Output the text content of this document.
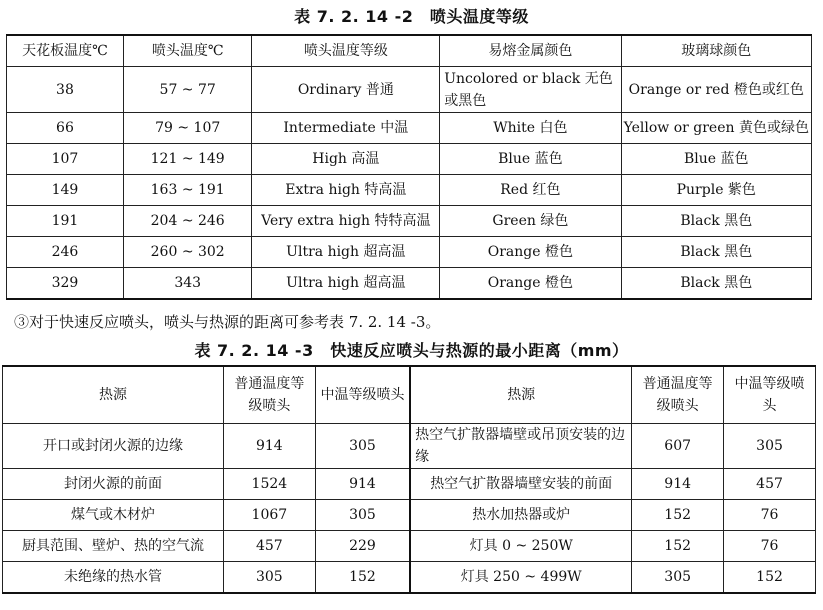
表 7. 2. 14 -2　喷头温度等级
天花板温度℃	喷头温度℃	喷头温度等级	易熔金属颜色	玻璃球颜色
38	57 ~ 77	Ordinary 普通	Uncolored or black 无色或黑色	Orange or red 橙色或红色
66	79 ~ 107	Intermediate 中温	White 白色	Yellow or green 黄色或绿色
107	121 ~ 149	High 高温	Blue 蓝色	Blue 蓝色
149	163 ~ 191	Extra high 特高温	Red 红色	Purple 紫色
191	204 ~ 246	Very extra high 特特高温	Green 绿色	Black 黑色
246	260 ~ 302	Ultra high 超高温	Orange 橙色	Black 黑色
329	343	Ultra high 超高温	Orange 橙色	Black 黑色
③对于快速反应喷头，喷头与热源的距离可参考表 7. 2. 14 -3。
表 7. 2. 14 -3　快速反应喷头与热源的最小距离（mm）
热源	普通温度等级喷头	中温等级喷头	热源	普通温度等级喷头	中温等级喷头
开口或封闭火源的边缘	914	305	热空气扩散器墙壁或吊顶安装的边缘	607	305
封闭火源的前面	1524	914	热空气扩散器墙壁安装的前面	914	457
煤气或木材炉	1067	305	热水加热器或炉	152	76
厨具范围、壁炉、热的空气流	457	229	灯具 0 ~ 250W	152	76
未绝缘的热水管	305	152	灯具 250 ~ 499W	305	152
